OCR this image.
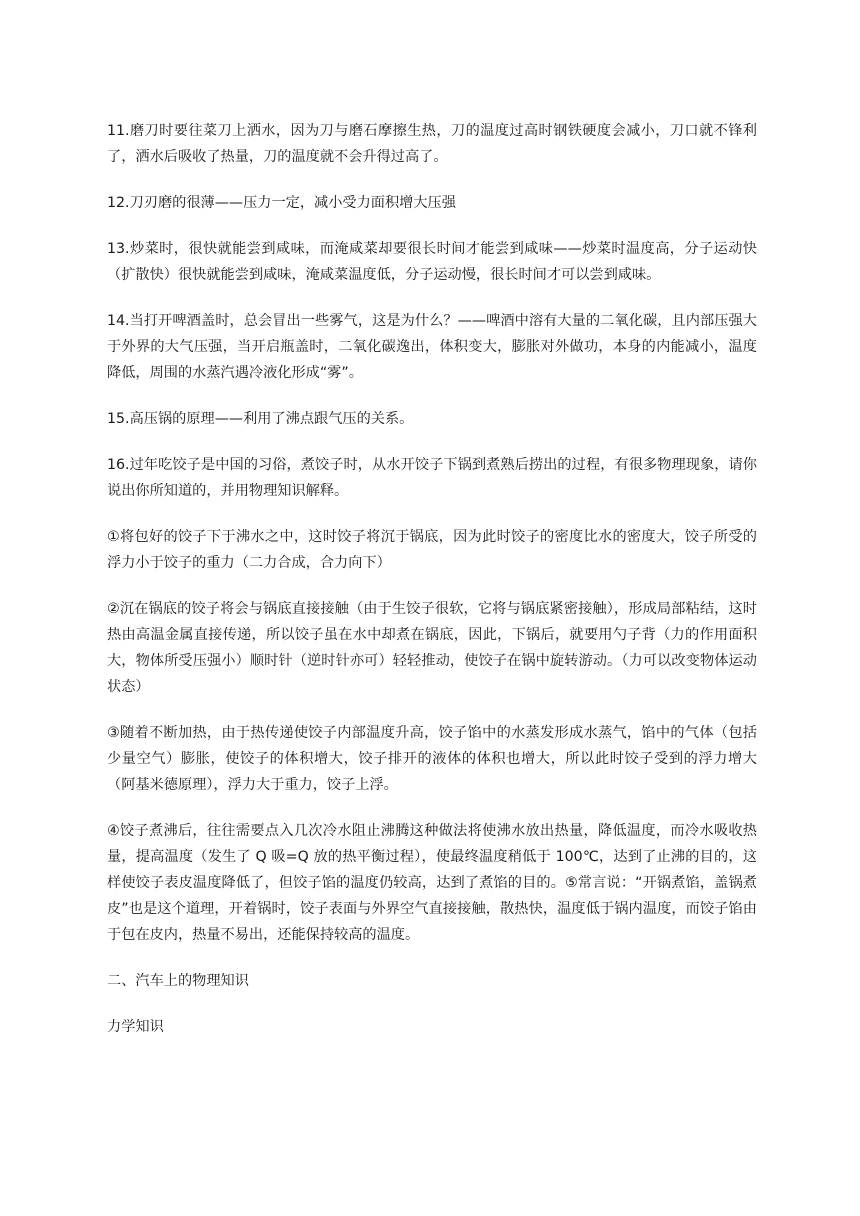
11.磨刀时要往菜刀上洒水，因为刀与磨石摩擦生热，刀的温度过高时钢铁硬度会减小，刀口就不锋利了，洒水后吸收了热量，刀的温度就不会升得过高了。

12.刀刃磨的很薄——压力一定，减小受力面积增大压强

13.炒菜时，很快就能尝到咸味，而淹咸菜却要很长时间才能尝到咸味——炒菜时温度高，分子运动快（扩散快）很快就能尝到咸味，淹咸菜温度低，分子运动慢，很长时间才可以尝到咸味。

14.当打开啤酒盖时，总会冒出一些雾气，这是为什么？——啤酒中溶有大量的二氧化碳，且内部压强大于外界的大气压强，当开启瓶盖时，二氧化碳逸出，体积变大，膨胀对外做功，本身的内能减小，温度降低，周围的水蒸汽遇冷液化形成“雾”。

15.高压锅的原理——利用了沸点跟气压的关系。

16.过年吃饺子是中国的习俗，煮饺子时，从水开饺子下锅到煮熟后捞出的过程，有很多物理现象，请你说出你所知道的，并用物理知识解释。

①将包好的饺子下于沸水之中，这时饺子将沉于锅底，因为此时饺子的密度比水的密度大，饺子所受的浮力小于饺子的重力（二力合成，合力向下）

②沉在锅底的饺子将会与锅底直接接触（由于生饺子很软，它将与锅底紧密接触），形成局部粘结，这时热由高温金属直接传递，所以饺子虽在水中却煮在锅底，因此，下锅后，就要用勺子背（力的作用面积大，物体所受压强小）顺时针（逆时针亦可）轻轻推动，使饺子在锅中旋转游动。（力可以改变物体运动状态）

③随着不断加热，由于热传递使饺子内部温度升高，饺子馅中的水蒸发形成水蒸气，馅中的气体（包括少量空气）膨胀，使饺子的体积增大，饺子排开的液体的体积也增大，所以此时饺子受到的浮力增大（阿基米德原理），浮力大于重力，饺子上浮。

④饺子煮沸后，往往需要点入几次冷水阻止沸腾这种做法将使沸水放出热量，降低温度，而冷水吸收热量，提高温度（发生了 Q 吸=Q 放的热平衡过程），使最终温度稍低于 100℃，达到了止沸的目的，这样使饺子表皮温度降低了，但饺子馅的温度仍较高，达到了煮馅的目的。⑤常言说：“开锅煮馅，盖锅煮皮”也是这个道理，开着锅时，饺子表面与外界空气直接接触，散热快，温度低于锅内温度，而饺子馅由于包在皮内，热量不易出，还能保持较高的温度。

二、汽车上的物理知识

力学知识
